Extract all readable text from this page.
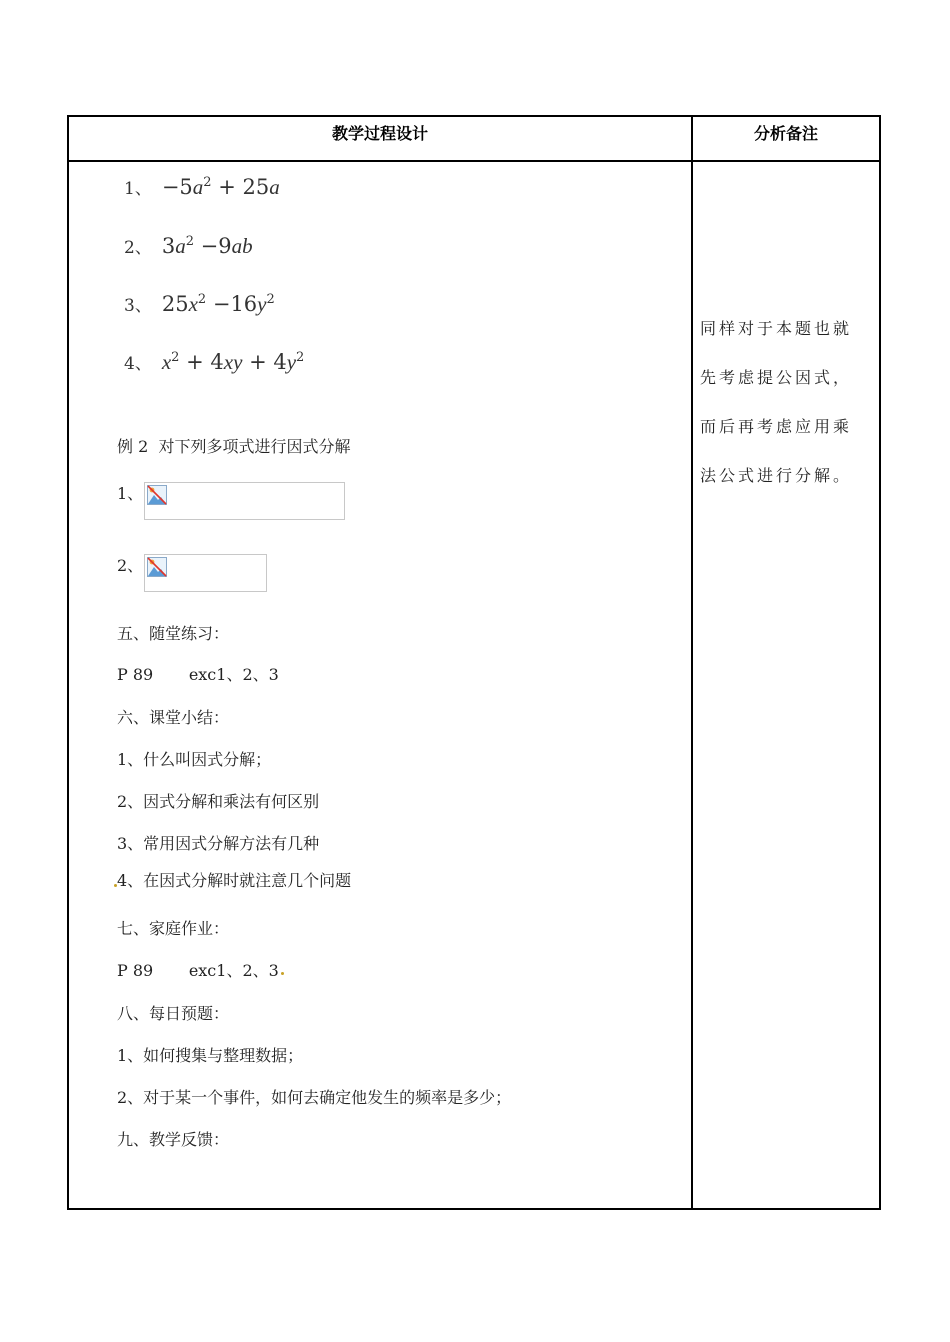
教学过程设计	分析备注
1、 $-5a^2 + 25a$
2、 $3a^2 -9ab$
3、 $25x^2 -16y^2$
4、 $x^2 + 4xy + 4y^2$
例 2  对下列多项式进行因式分解
1、
2、
五、随堂练习：
P 89       exc1、2、3
六、课堂小结：
1、什么叫因式分解；
2、因式分解和乘法有何区别
3、常用因式分解方法有几种
4、在因式分解时就注意几个问题
七、家庭作业：
P 89       exc1、2、3
八、每日预题：
1、如何搜集与整理数据；
2、对于某一个事件，如何去确定他发生的频率是多少；
九、教学反馈：
同样对于本题也就
先考虑提公因式，
而后再考虑应用乘
法公式进行分解。
